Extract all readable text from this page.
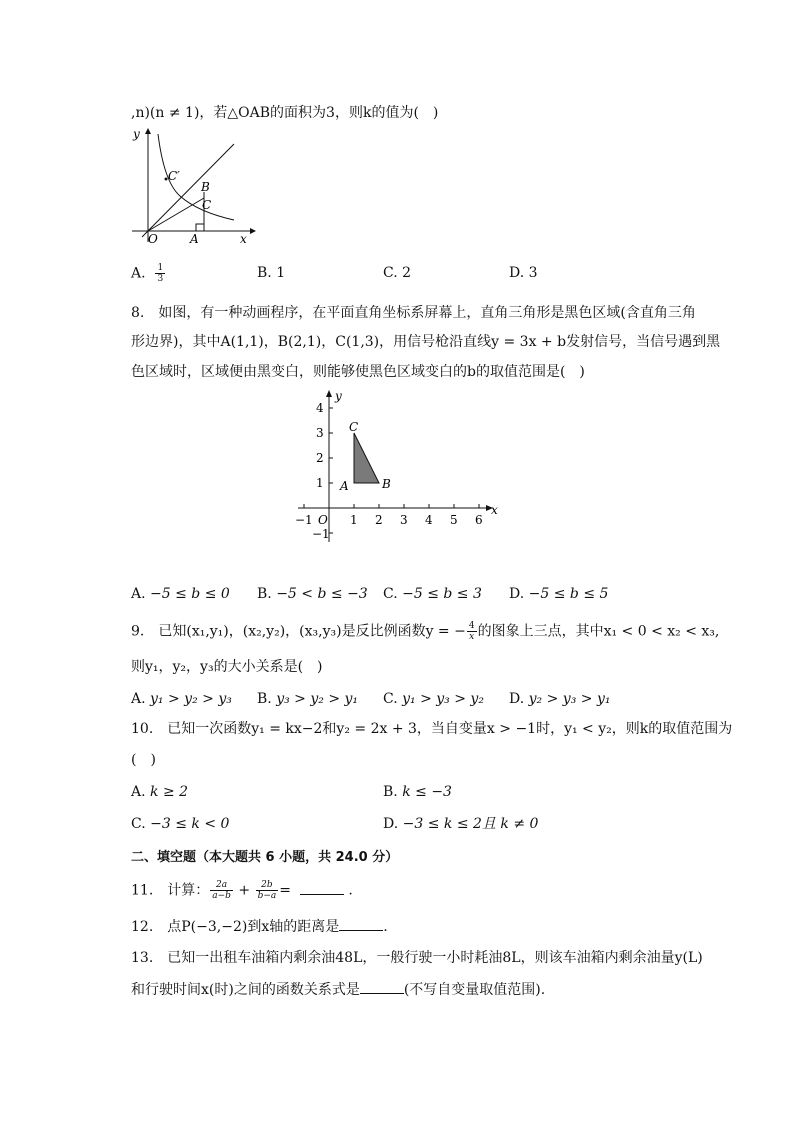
,n)(n ≠ 1)，若△OAB的面积为3，则k的值为(　)
y
x
O	A
B
C
C′
A. $\frac{1}{3}$	B. 1	C. 2	D. 3
8.　如图，有一种动画程序，在平面直角坐标系屏幕上，直角三角形是黑色区域(含直角三角
形边界)，其中A(1,1)，B(2,1)，C(1,3)，用信号枪沿直线y = 3x + b发射信号，当信号遇到黑
色区域时，区域便由黑变白，则能够使黑色区域变白的b的取值范围是(　)
−1	1 2 3 4 5 6
4
3
2
1
−1
O
x
y
A	B
C
A. −5 ≤ b ≤ 0 B. −5 < b ≤ −3 C. −5 ≤ b ≤ 3 D. −5 ≤ b ≤ 5
9.　已知(x₁,y₁)，(x₂,y₂)，(x₃,y₃)是反比例函数y = − $\frac{4}{x}$ 的图象上三点，其中x₁ < 0 < x₂ < x₃,
则y₁，y₂，y₃的大小关系是(　)
A. y₁ > y₂ > y₃ B. y₃ > y₂ > y₁ C. y₁ > y₃ > y₂ D. y₂ > y₃ > y₁
10.　已知一次函数y₁ = kx−2和y₂ = 2x + 3，当自变量x > −1时，y₁ < y₂，则k的取值范围为
(　)
A. k ≥ 2	B. k ≤ −3
C. −3 ≤ k < 0	D. −3 ≤ k ≤ 2且 k ≠ 0
二、填空题（本大题共 6 小题，共 24.0 分）
11.　计算： $\frac{2a}{a-b} + \frac{2b}{b-a}$ =	.
12.　点P(−3,−2)到x轴的距离是	.
13.　已知一出租车油箱内剩余油48L，一般行驶一小时耗油8L，则该车油箱内剩余油量y(L)
和行驶时间x(时)之间的函数关系式是	(不写自变量取值范围).
